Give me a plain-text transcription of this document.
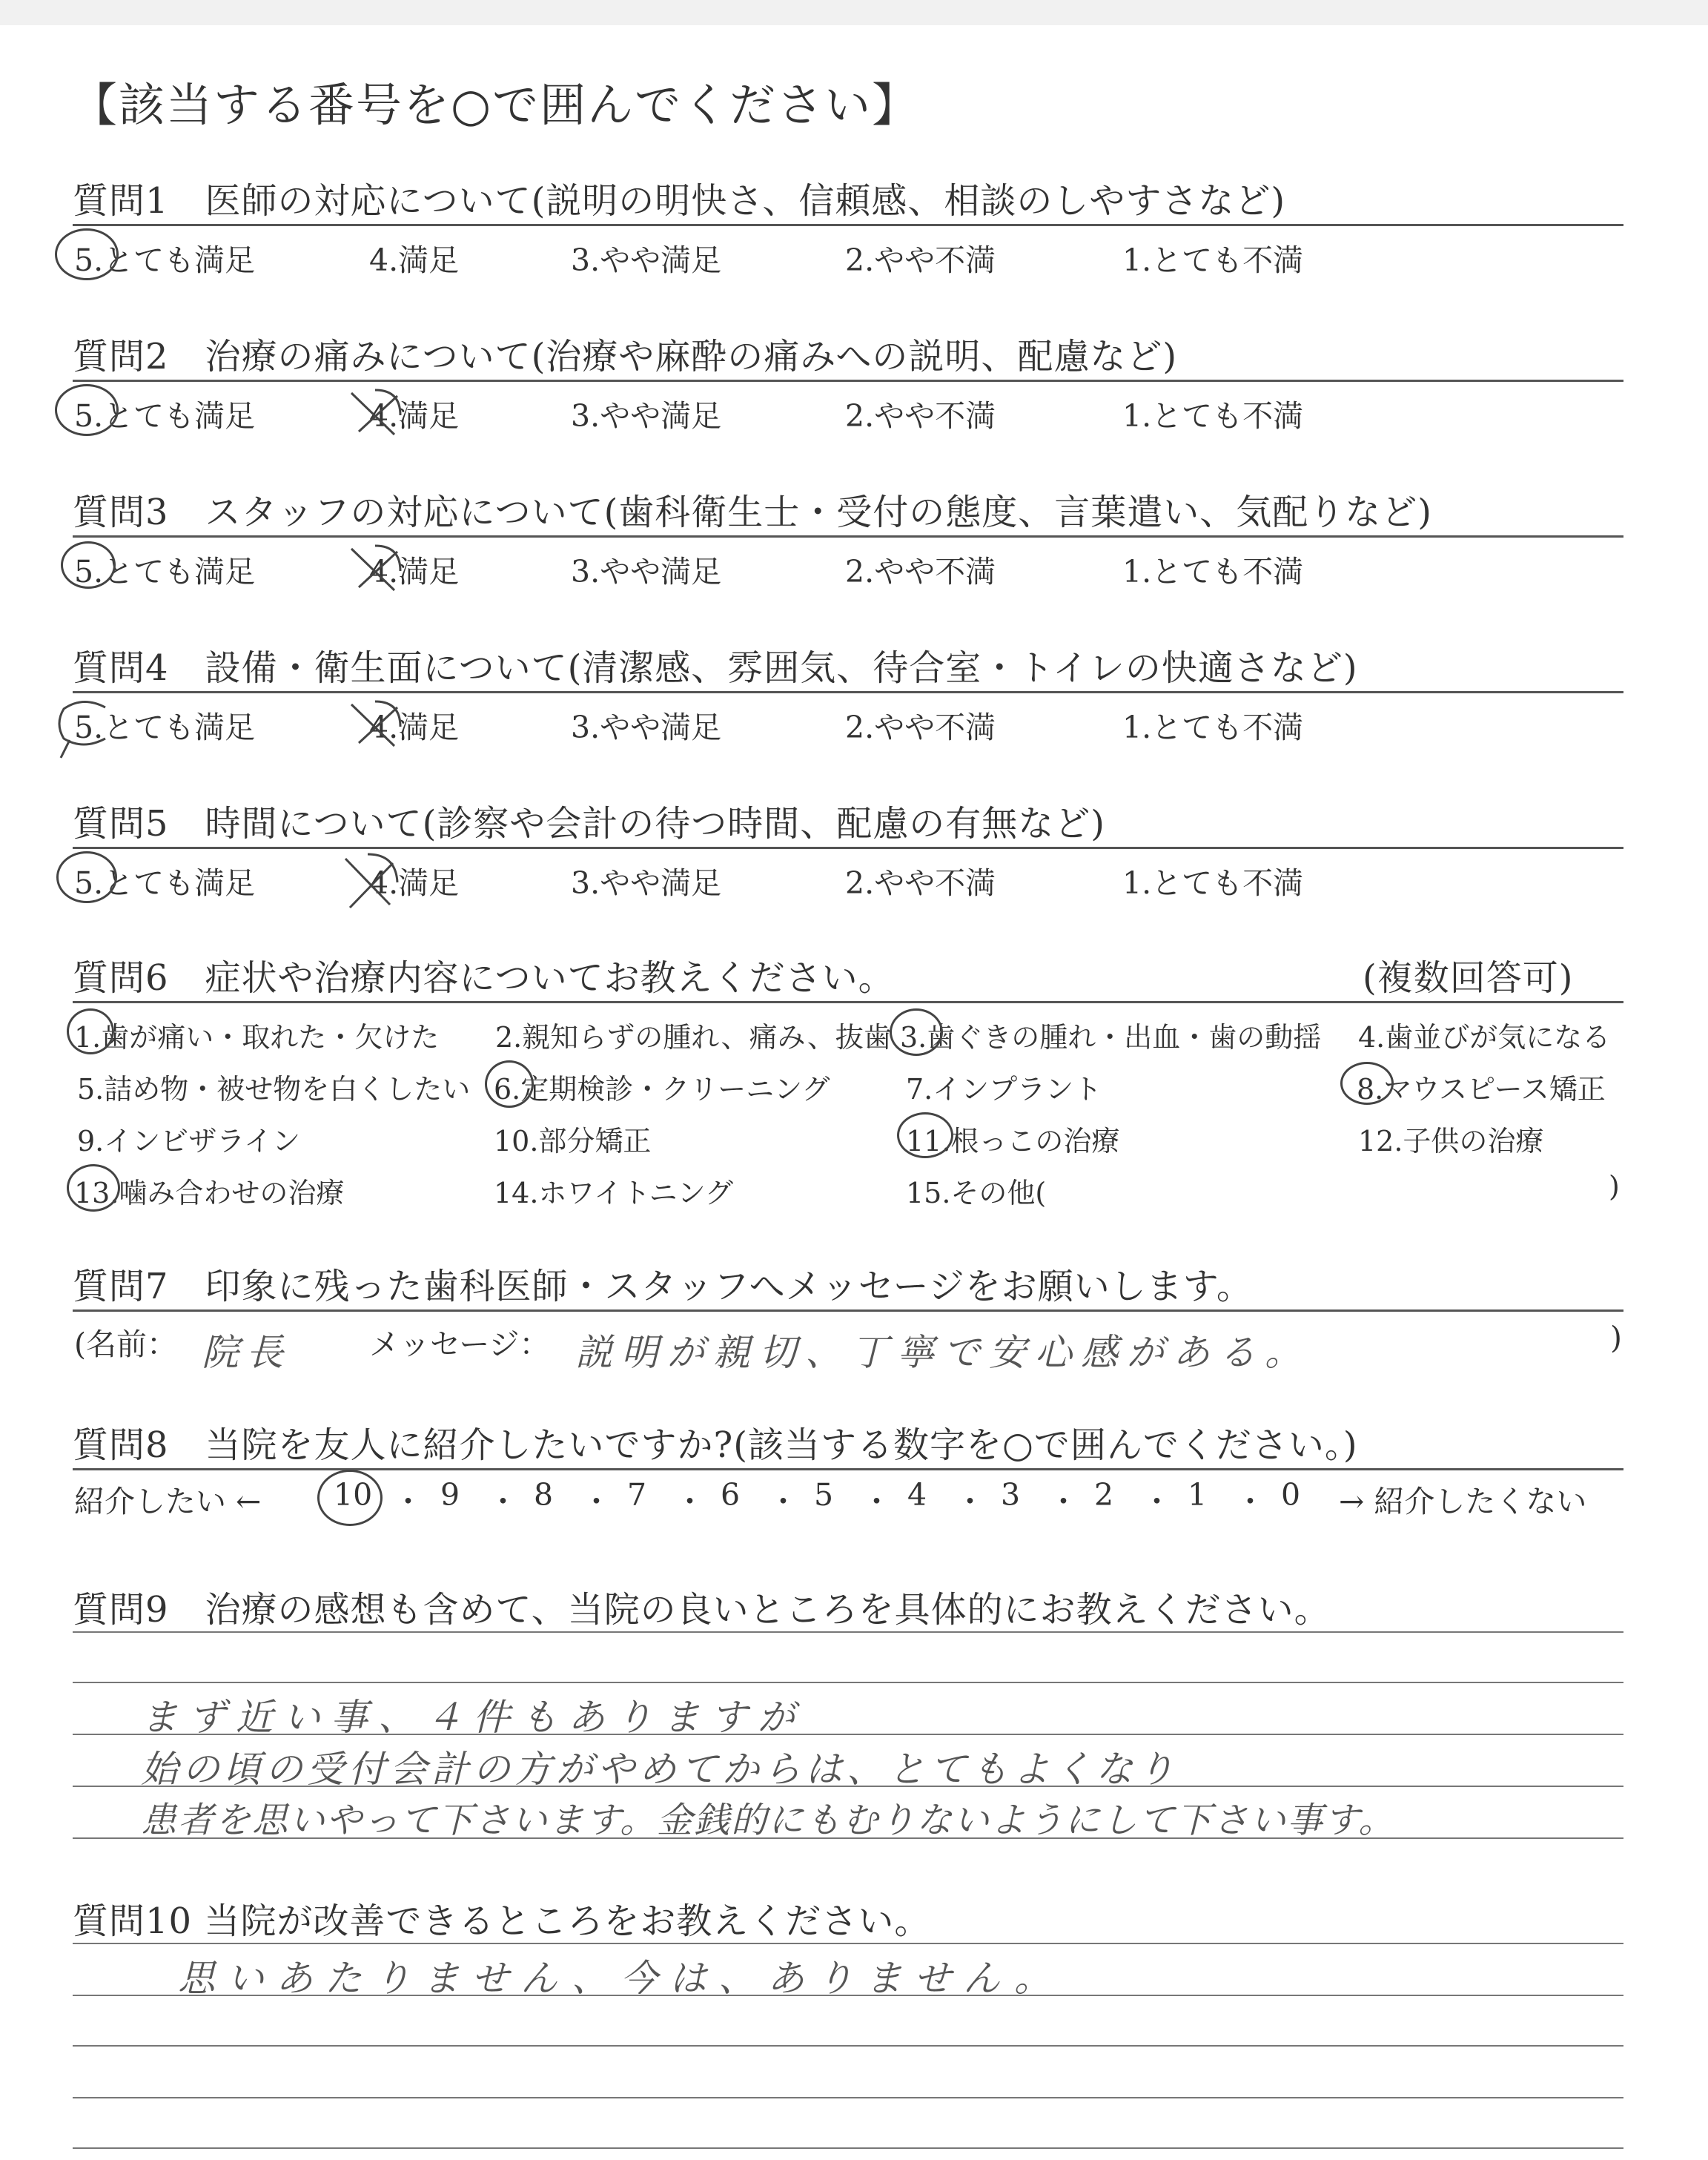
【該当する番号を○で囲んでください】
質問1　医師の対応について(説明の明快さ、信頼感、相談のしやすさなど)
5.とても満足	4.満足	3.やや満足	2.やや不満	1.とても不満
質問2　治療の痛みについて(治療や麻酔の痛みへの説明、配慮など)
5.とても満足	4.満足	3.やや満足	2.やや不満	1.とても不満
質問3　スタッフの対応について(歯科衛生士・受付の態度、言葉遣い、気配りなど)
5.とても満足	4.満足	3.やや満足	2.やや不満	1.とても不満
質問4　設備・衛生面について(清潔感、雰囲気、待合室・トイレの快適さなど)
5.とても満足	4.満足	3.やや満足	2.やや不満	1.とても不満
質問5　時間について(診察や会計の待つ時間、配慮の有無など)
5.とても満足	4.満足	3.やや満足	2.やや不満	1.とても不満
質問6　症状や治療内容についてお教えください。	(複数回答可)
1.歯が痛い・取れた・欠けた 2.親知らずの腫れ、痛み、抜歯 3.歯ぐきの腫れ・出血・歯の動揺 4.歯並びが気になる
5.詰め物・被せ物を白くしたい 6.定期検診・クリーニング	7.インプラント	8.マウスピース矯正
9.インビザライン	10.部分矯正	11.根っこの治療	12.子供の治療
13.噛み合わせの治療	14.ホワイトニング	15.その他(	)
質問7　印象に残った歯科医師・スタッフへメッセージをお願いします。
(名前： 院長	メッセージ： 説明が親切、丁寧で安心感がある。	)
質問8　当院を友人に紹介したいですか?(該当する数字を○で囲んでください。)
紹介したい ←	→ 紹介したくない
10 ・ 9 ・ 8 ・ 7 ・ 6 ・ 5 ・ 4 ・ 3 ・ 2 ・ 1 ・ 0
質問9　治療の感想も含めて、当院の良いところを具体的にお教えください。
まず近い事、４件もありますが
始の頃の受付会計の方がやめてからは、とてもよくなり
患者を思いやって下さいます。金銭的にもむりないようにして下さい事す。
質問10 当院が改善できるところをお教えください。
思いあたりません、今は、ありません。
